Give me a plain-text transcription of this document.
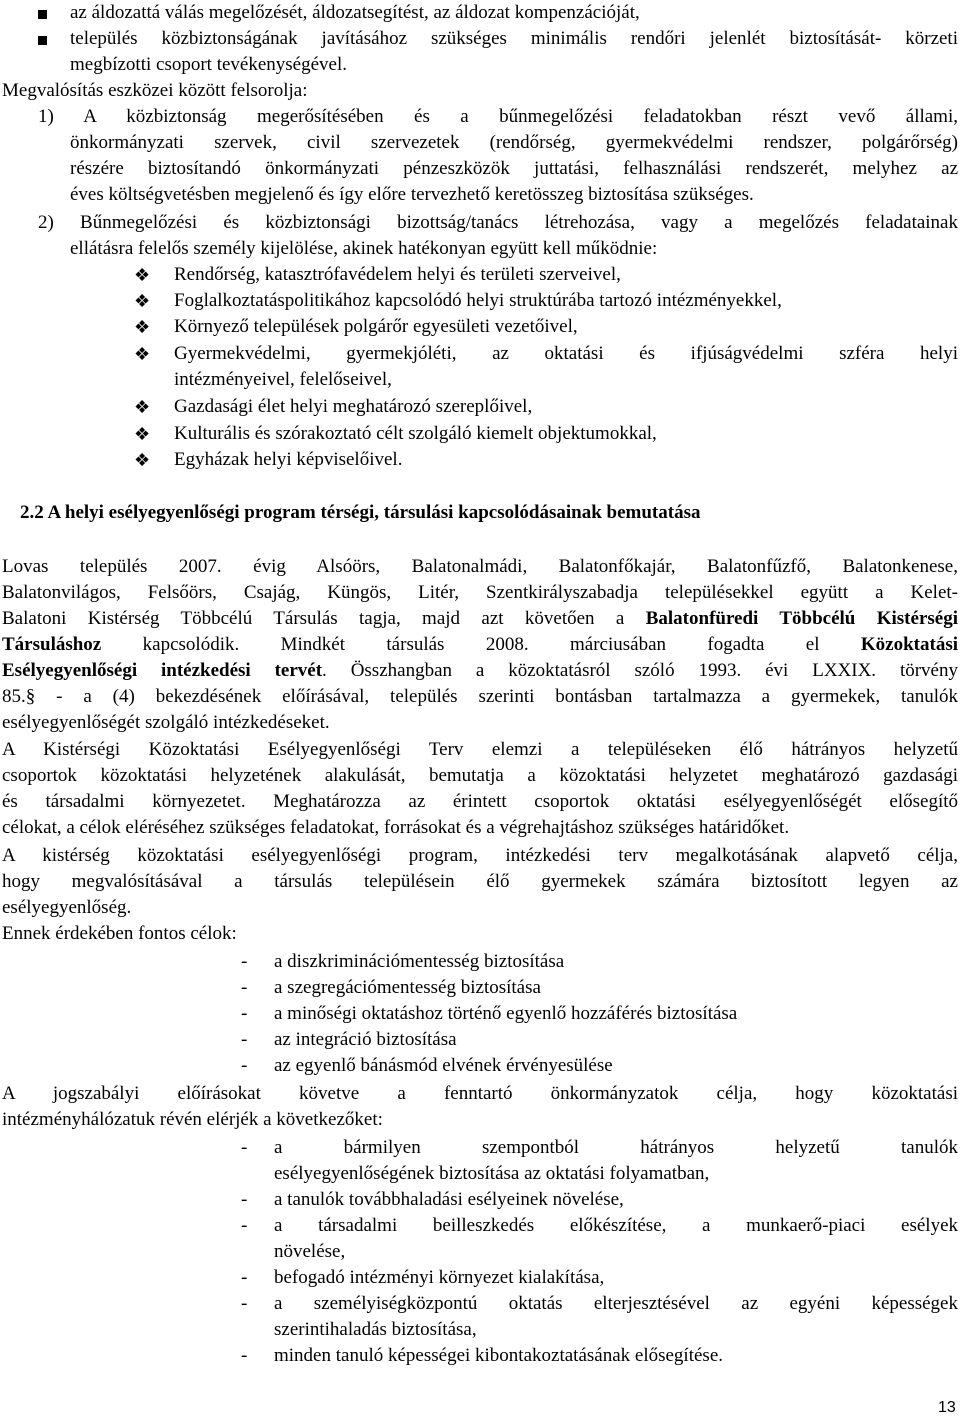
az áldozattá válás megelőzését, áldozatsegítést, az áldozat kompenzációját,
település közbiztonságának javításához szükséges minimális rendőri jelenlét biztosítását- körzeti
megbízotti csoport tevékenységével.
Megvalósítás eszközei között felsorolja:
1) A közbiztonság megerősítésében és a bűnmegelőzési feladatokban részt vevő állami,
önkormányzati szervek, civil szervezetek (rendőrség, gyermekvédelmi rendszer, polgárőrség)
részére biztosítandó önkormányzati pénzeszközök juttatási, felhasználási rendszerét, melyhez az
éves költségvetésben megjelenő és így előre tervezhető keretösszeg biztosítása szükséges.
2) Bűnmegelőzési és közbiztonsági bizottság/tanács létrehozása, vagy a megelőzés feladatainak
ellátásra felelős személy kijelölése, akinek hatékonyan együtt kell működnie:
❖ Rendőrség, katasztrófavédelem helyi és területi szerveivel,
❖ Foglalkoztatáspolitikához kapcsolódó helyi struktúrába tartozó intézményekkel,
❖ Környező települések polgárőr egyesületi vezetőivel,
❖ Gyermekvédelmi, gyermekjóléti, az oktatási és ifjúságvédelmi szféra helyi
intézményeivel, felelőseivel,
❖ Gazdasági élet helyi meghatározó szereplőivel,
❖ Kulturális és szórakoztató célt szolgáló kiemelt objektumokkal,
❖ Egyházak helyi képviselőivel.
2.2 A helyi esélyegyenlőségi program térségi, társulási kapcsolódásainak bemutatása
Lovas település 2007. évig Alsóörs, Balatonalmádi, Balatonfőkajár, Balatonfűzfő, Balatonkenese,
Balatonvilágos, Felsőörs, Csajág, Küngös, Litér, Szentkirályszabadja településekkel együtt a Kelet-
Balatoni Kistérség Többcélú Társulás tagja, majd azt követően a Balatonfüredi Többcélú Kistérségi
Társuláshoz kapcsolódik. Mindkét társulás 2008. márciusában fogadta el Közoktatási
Esélyegyenlőségi intézkedési tervét. Összhangban a közoktatásról szóló 1993. évi LXXIX. törvény
85.§ - a (4) bekezdésének előírásával, település szerinti bontásban tartalmazza a gyermekek, tanulók
esélyegyenlőségét szolgáló intézkedéseket.
A Kistérségi Közoktatási Esélyegyenlőségi Terv elemzi a településeken élő hátrányos helyzetű
csoportok közoktatási helyzetének alakulását, bemutatja a közoktatási helyzetet meghatározó gazdasági
és társadalmi környezetet. Meghatározza az érintett csoportok oktatási esélyegyenlőségét elősegítő
célokat, a célok eléréséhez szükséges feladatokat, forrásokat és a végrehajtáshoz szükséges határidőket.
A kistérség közoktatási esélyegyenlőségi program, intézkedési terv megalkotásának alapvető célja,
hogy megvalósításával a társulás településein élő gyermekek számára biztosított legyen az
esélyegyenlőség.
Ennek érdekében fontos célok:
- a diszkriminációmentesség biztosítása
- a szegregációmentesség biztosítása
- a minőségi oktatáshoz történő egyenlő hozzáférés biztosítása
- az integráció biztosítása
- az egyenlő bánásmód elvének érvényesülése
A jogszabályi előírásokat követve a fenntartó önkormányzatok célja, hogy közoktatási
intézményhálózatuk révén elérjék a következőket:
- a bármilyen szempontból hátrányos helyzetű tanulók
esélyegyenlőségének biztosítása az oktatási folyamatban,
- a tanulók továbbhaladási esélyeinek növelése,
- a társadalmi beilleszkedés előkészítése, a munkaerő-piaci esélyek
növelése,
- befogadó intézményi környezet kialakítása,
- a személyiségközpontú oktatás elterjesztésével az egyéni képességek
szerintihaladás biztosítása,
- minden tanuló képességei kibontakoztatásának elősegítése.
13
